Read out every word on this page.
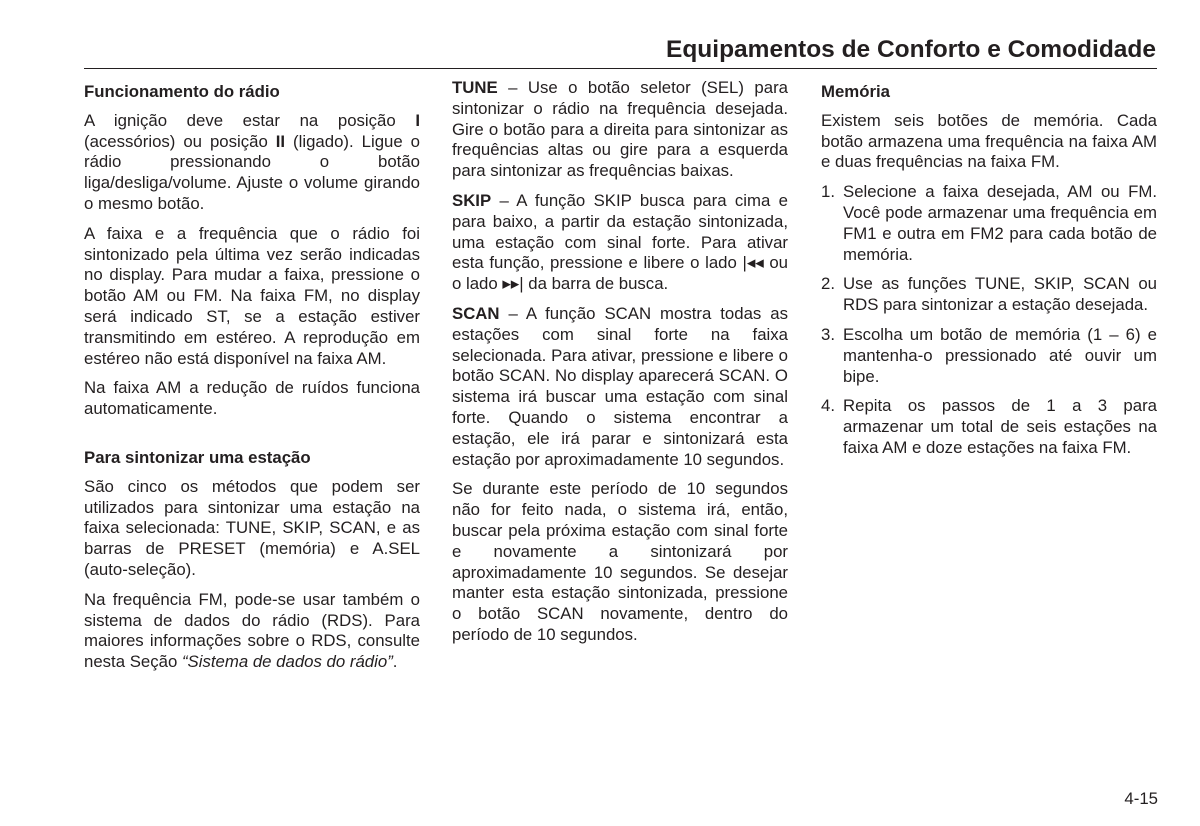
Equipamentos de Conforto e Comodidade
Funcionamento do rádio

A ignição deve estar na posição I (acessórios) ou posição II (ligado). Ligue o rádio pressionando o botão liga/desliga/volume. Ajuste o volume girando o mesmo botão.

A faixa e a frequência que o rádio foi sintonizado pela última vez serão indicadas no display. Para mudar a faixa, pressione o botão AM ou FM. Na faixa FM, no display será indicado ST, se a estação estiver transmitindo em estéreo. A reprodução em estéreo não está disponível na faixa AM.

Na faixa AM a redução de ruídos funciona automaticamente.

Para sintonizar uma estação

São cinco os métodos que podem ser utilizados para sintonizar uma estação na faixa selecionada: TUNE, SKIP, SCAN, e as barras de PRESET (memória) e A.SEL (auto-seleção).

Na frequência FM, pode-se usar também o sistema de dados do rádio (RDS). Para maiores informações sobre o RDS, consulte nesta Seção “Sistema de dados do rádio”.

TUNE – Use o botão seletor (SEL) para sintonizar o rádio na frequência desejada. Gire o botão para a direita para sintonizar as frequências altas ou gire para a esquerda para sintonizar as frequências baixas.

SKIP – A função SKIP busca para cima e para baixo, a partir da estação sintonizada, uma estação com sinal forte. Para ativar esta função, pressione e libere o lado |◂◂ ou o lado ▸▸| da barra de busca.

SCAN – A função SCAN mostra todas as estações com sinal forte na faixa selecionada. Para ativar, pressione e libere o botão SCAN. No display aparecerá SCAN. O sistema irá buscar uma estação com sinal forte. Quando o sistema encontrar a estação, ele irá parar e sintonizará esta estação por aproximadamente 10 segundos.

Se durante este período de 10 segundos não for feito nada, o sistema irá, então, buscar pela próxima estação com sinal forte e novamente a sintonizará por aproximadamente 10 segundos. Se desejar manter esta estação sintonizada, pressione o botão SCAN novamente, dentro do período de 10 segundos.

Memória

Existem seis botões de memória. Cada botão armazena uma frequência na faixa AM e duas frequências na faixa FM.

1. Selecione a faixa desejada, AM ou FM. Você pode armazenar uma frequência em FM1 e outra em FM2 para cada botão de memória.
2. Use as funções TUNE, SKIP, SCAN ou RDS para sintonizar a estação desejada.
3. Escolha um botão de memória (1 – 6) e mantenha-o pressionado até ouvir um bipe.
4. Repita os passos de 1 a 3 para armazenar um total de seis estações na faixa AM e doze estações na faixa FM.
4-15
